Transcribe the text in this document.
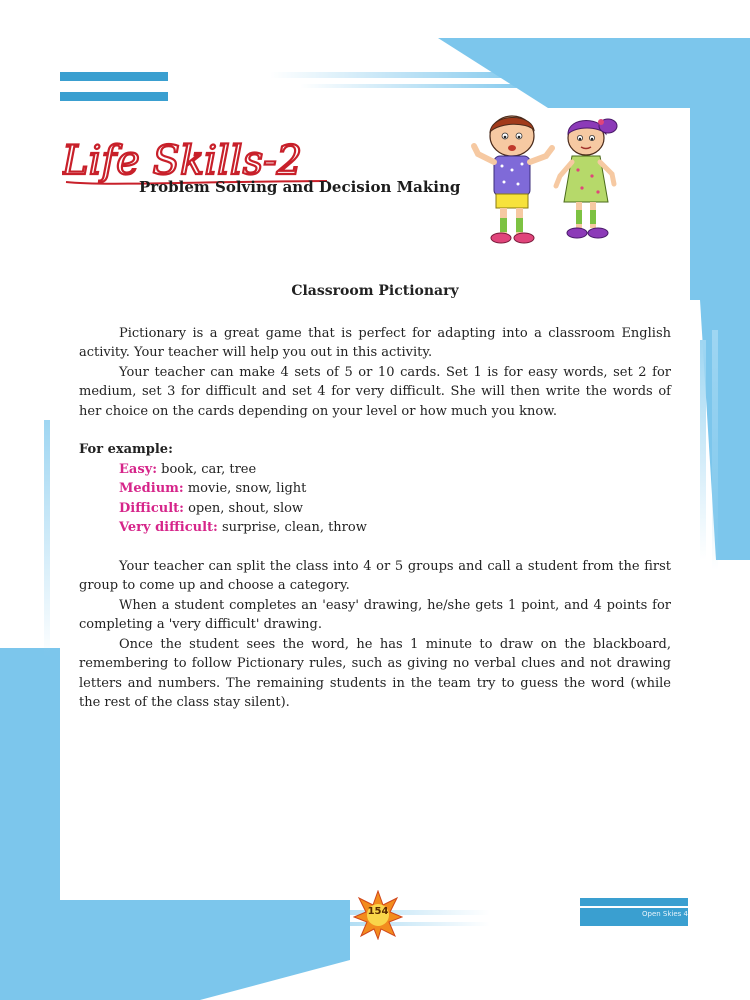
Life Skills-2
Problem Solving and Decision Making
Classroom Pictionary

Pictionary is a great game that is perfect for adapting into a classroom English activity. Your teacher will help you out in this activity.

Your teacher can make 4 sets of 5 or 10 cards. Set 1 is for easy words, set 2 for medium, set 3 for difficult and set 4 for very difficult. She will then write the words of her choice on the cards depending on your level or how much you know.

For example:
Easy: book, car, tree
Medium: movie, snow, light
Difficult: open, shout, slow
Very difficult: surprise, clean, throw

Your teacher can split the class into 4 or 5 groups and call a student from the first group to come up and choose a category.

When a student completes an 'easy' drawing, he/she gets 1 point, and 4 points for completing a 'very difficult' drawing.

Once the student sees the word, he has 1 minute to draw on the blackboard, remembering to follow Pictionary rules, such as giving no verbal clues and not drawing letters and numbers. The remaining students in the team try to guess the word (while the rest of the class stay silent).

154	Open Skies 4
